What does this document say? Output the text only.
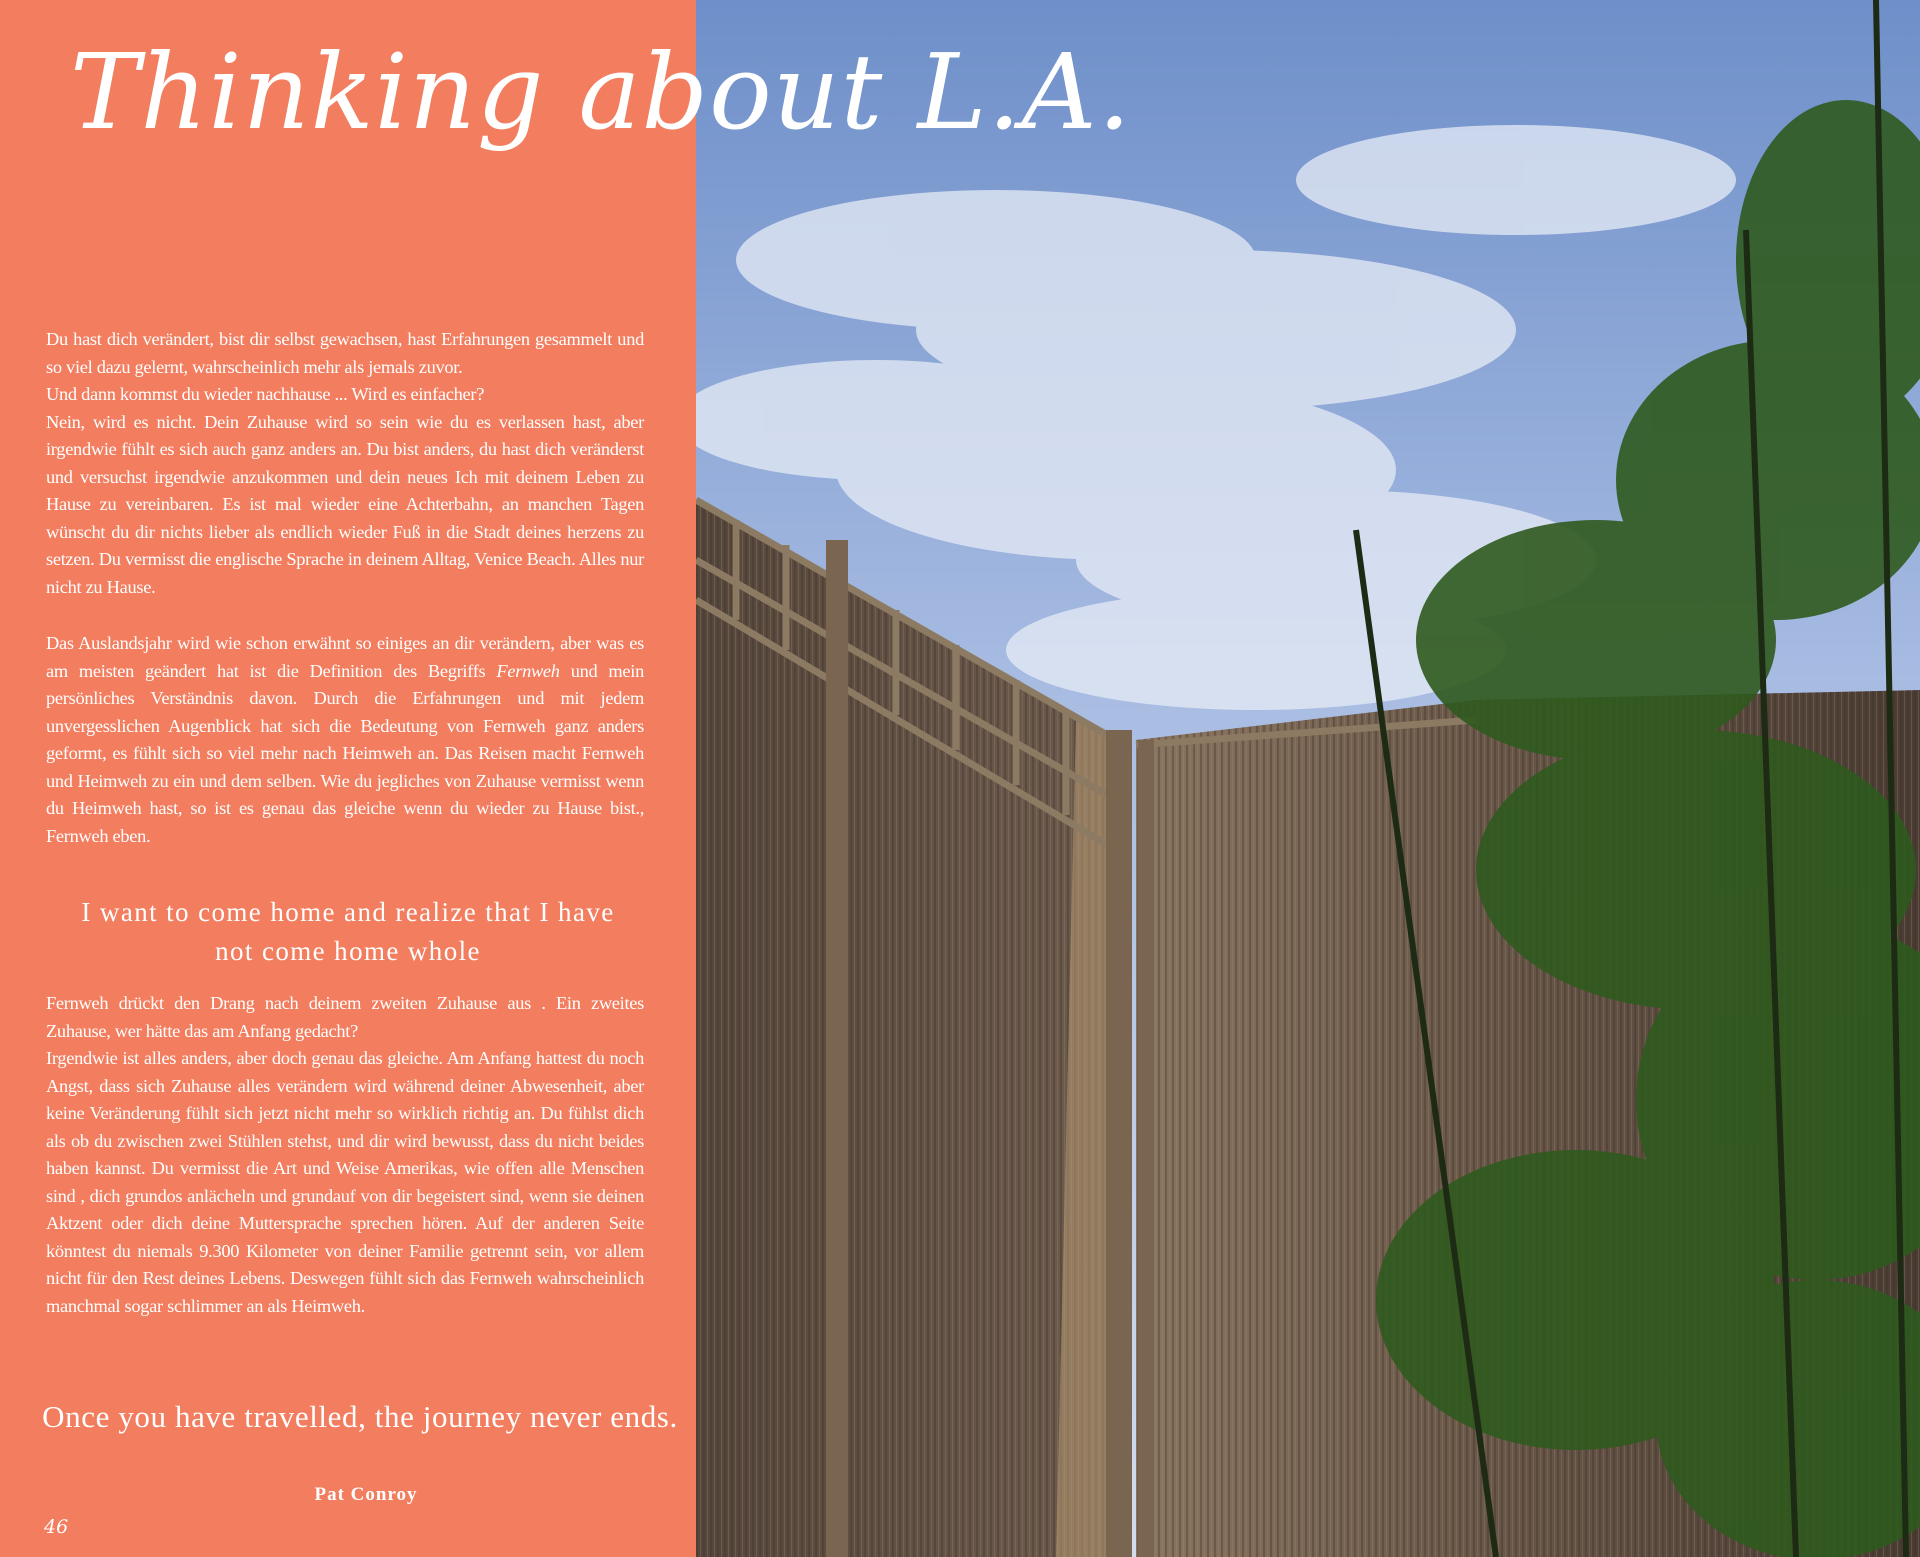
Du hast dich verändert, bist dir selbst gewachsen, hast Erfahrungen gesammelt und so viel dazu gelernt, wahrscheinlich mehr als jemals zuvor.

Und dann kommst du wieder nachhause ... Wird es einfacher?

Nein, wird es nicht. Dein Zuhause wird so sein wie du es verlassen hast, aber irgendwie fühlt es sich auch ganz anders an. Du bist anders, du hast dich veränderst und versuchst irgendwie anzukommen und dein neues Ich mit deinem Leben zu Hause zu vereinbaren. Es ist mal wieder eine Achterbahn, an manchen Tagen wünscht du dir nichts lieber als endlich wieder Fuß in die Stadt deines herzens zu setzen. Du vermisst die englische Sprache in deinem Alltag, Venice Beach. Alles nur nicht zu Hause.

Das Auslandsjahr wird wie schon erwähnt so einiges an dir verändern, aber was es am meisten geändert hat ist die Definition des Begriffs Fernweh und mein persönliches Verständnis davon. Durch die Erfahrungen und mit jedem unvergesslichen Augenblick hat sich die Bedeutung von Fernweh ganz anders geformt, es fühlt sich so viel mehr nach Heimweh an. Das Reisen macht Fernweh und Heimweh zu ein und dem selben. Wie du jegliches von Zuhause vermisst wenn du Heimweh hast, so ist es genau das gleiche wenn du wieder zu Hause bist., Fernweh eben.

I want to come home and realize that I have
not come home whole

Fernweh drückt den Drang nach deinem zweiten Zuhause aus . Ein zweites Zuhause, wer hätte das am Anfang gedacht?

Irgendwie ist alles anders, aber doch genau das gleiche. Am Anfang hattest du noch Angst, dass sich Zuhause alles verändern wird während deiner Abwesenheit, aber keine Veränderung fühlt sich jetzt nicht mehr so wirklich richtig an. Du fühlst dich als ob du zwischen zwei Stühlen stehst, und dir wird bewusst, dass du nicht beides haben kannst. Du vermisst die Art und Weise Amerikas, wie offen alle Menschen sind , dich grundos anlächeln und grundauf von dir begeistert sind, wenn sie deinen Aktzent oder dich deine Muttersprache sprechen hören. Auf der anderen Seite könntest du niemals 9.300 Kilometer von deiner Familie getrennt sein, vor allem nicht für den Rest deines Lebens. Deswegen fühlt sich das Fernweh wahrscheinlich manchmal sogar schlimmer an als Heimweh.

Once you have travelled, the journey never ends.

Pat Conroy

46

Thinking about L.A.
